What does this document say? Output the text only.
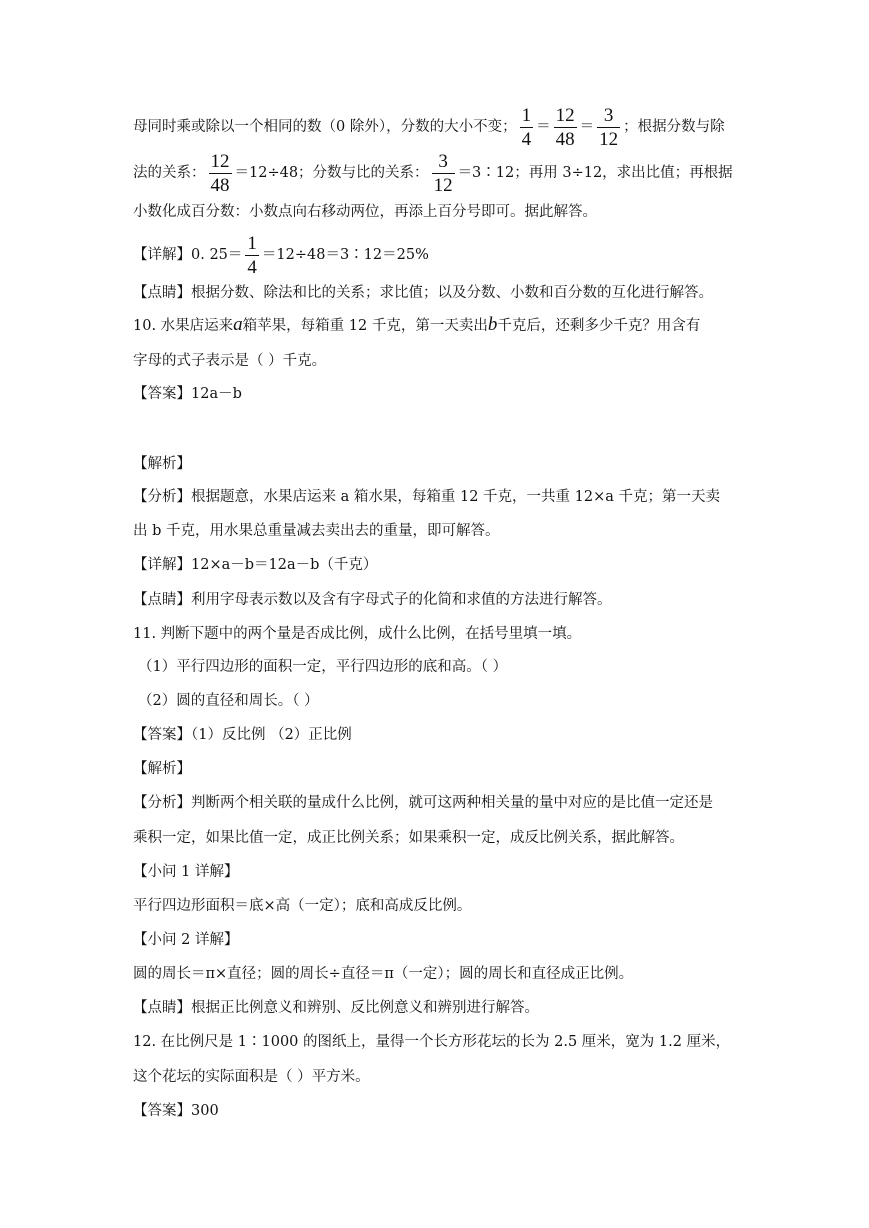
母同时乘或除以一个相同的数（0 除外），分数的大小不变； $\frac{1}{4} = \frac{12}{48} = \frac{3}{12}$ ；根据分数与除
法的关系： $\frac{12}{48} =12\div 48$；分数与比的关系： $\frac{3}{12}$ ＝3∶12；再用 3÷12，求出比值；再根据
小数化成百分数：小数点向右移动两位，再添上百分号即可。据此解答。
【详解】0. $25= \frac{1}{4}$ ＝12÷48＝3∶12＝25%
【点睛】根据分数、除法和比的关系；求比值；以及分数、小数和百分数的互化进行解答。
10. 水果店运来a箱苹果，每箱重 12 千克，第一天卖出b千克后，还剩多少千克？用含有
字母的式子表示是（ ）千克。
【答案】12a－b
【解析】
【分析】根据题意，水果店运来 a 箱水果，每箱重 12 千克，一共重 12×a 千克；第一天卖
出 b 千克，用水果总重量减去卖出去的重量，即可解答。
【详解】12×a－b＝12a－b（千克）
【点睛】利用字母表示数以及含有字母式子的化简和求值的方法进行解答。
11. 判断下题中的两个量是否成比例，成什么比例，在括号里填一填。
（1）平行四边形的面积一定，平行四边形的底和高。（ ）
（2）圆的直径和周长。（ ）
【答案】（1）反比例 （2）正比例
【解析】
【分析】判断两个相关联的量成什么比例，就可这两种相关量的量中对应的是比值一定还是
乘积一定，如果比值一定，成正比例关系；如果乘积一定，成反比例关系，据此解答。
【小问 1 详解】
平行四边形面积＝底×高（一定）；底和高成反比例。
【小问 2 详解】
圆的周长＝π×直径；圆的周长÷直径＝π（一定）；圆的周长和直径成正比例。
【点睛】根据正比例意义和辨别、反比例意义和辨别进行解答。
12. 在比例尺是 1∶1000 的图纸上，量得一个长方形花坛的长为 2.5 厘米，宽为 1.2 厘米，
这个花坛的实际面积是（ ）平方米。
【答案】300
